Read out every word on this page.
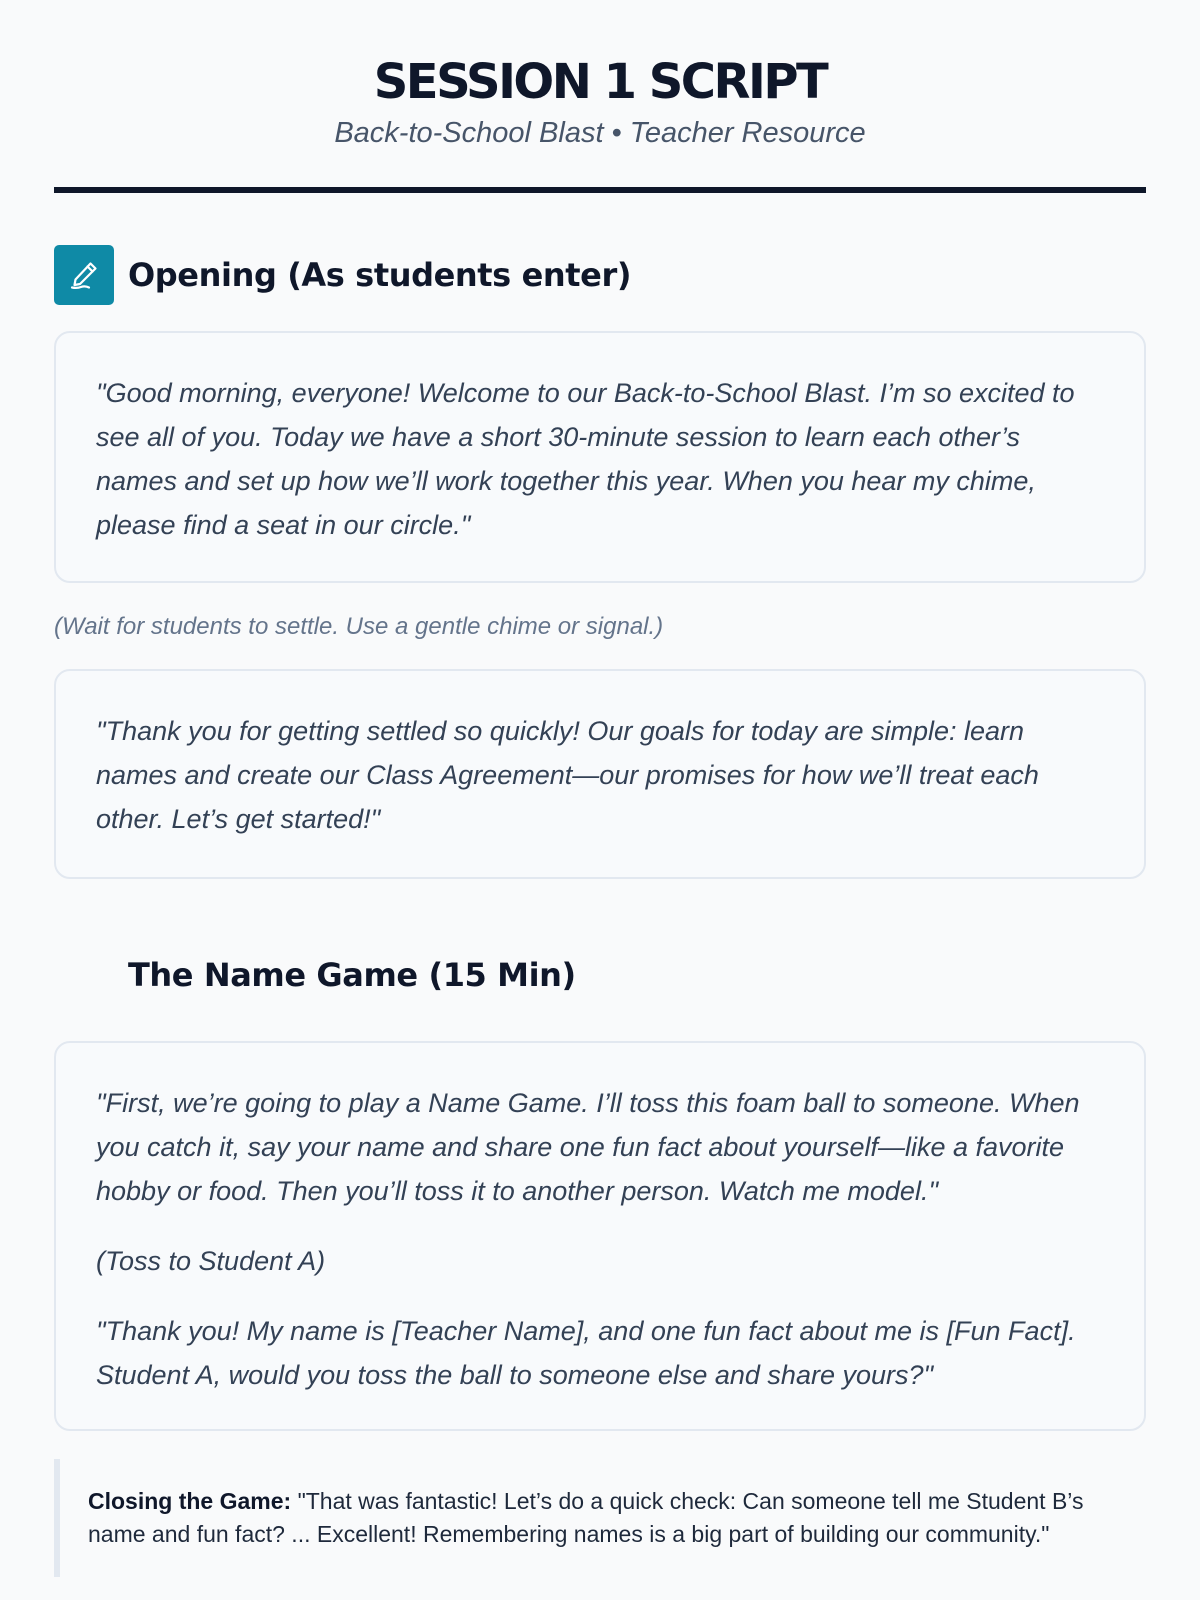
SESSION 1 SCRIPT
Back-to-School Blast • Teacher Resource
Opening (As students enter)

"Good morning, everyone! Welcome to our Back-to-School Blast. I’m so excited to see all of you. Today we have a short 30-minute session to learn each other’s names and set up how we’ll work together this year. When you hear my chime, please find a seat in our circle."

(Wait for students to settle. Use a gentle chime or signal.)

"Thank you for getting settled so quickly! Our goals for today are simple: learn names and create our Class Agreement—our promises for how we’ll treat each other. Let’s get started!"

The Name Game (15 Min)

"First, we’re going to play a Name Game. I’ll toss this foam ball to someone. When you catch it, say your name and share one fun fact about yourself—like a favorite hobby or food. Then you’ll toss it to another person. Watch me model."

(Toss to Student A)

"Thank you! My name is [Teacher Name], and one fun fact about me is [Fun Fact]. Student A, would you toss the ball to someone else and share yours?"

Closing the Game: "That was fantastic! Let’s do a quick check: Can someone tell me Student B’s name and fun fact? ... Excellent! Remembering names is a big part of building our community."
